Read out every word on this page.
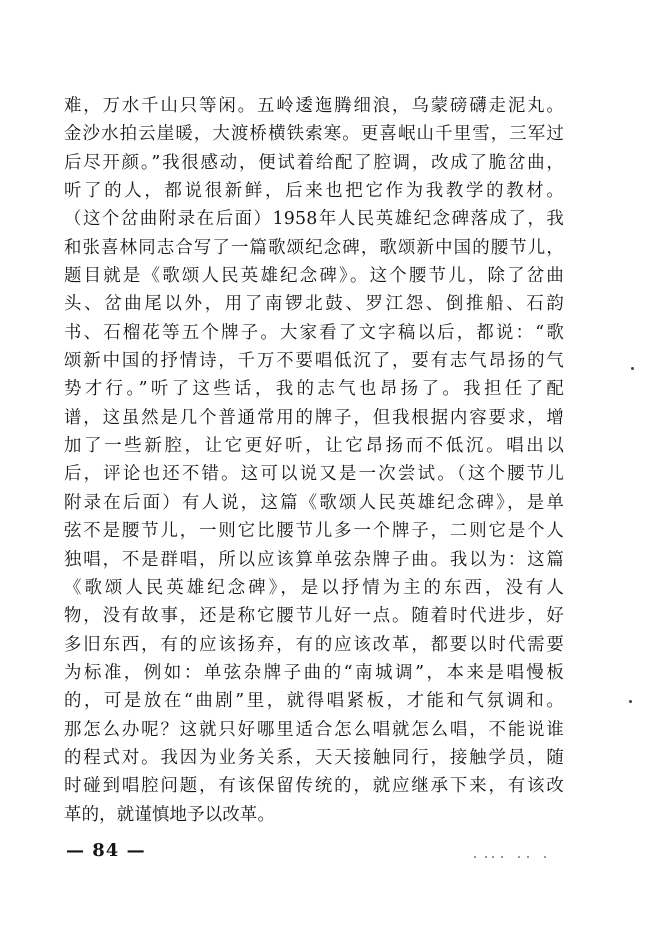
难，万水千山只等闲。五岭逶迤腾细浪，乌蒙磅礴走泥丸。
金沙水拍云崖暖，大渡桥横铁索寒。更喜岷山千里雪，三军过
后尽开颜。”我很感动，便试着给配了腔调，改成了脆岔曲，
听了的人，都说很新鲜，后来也把它作为我教学的教材。
（这个岔曲附录在后面）1958年人民英雄纪念碑落成了，我
和张喜林同志合写了一篇歌颂纪念碑，歌颂新中国的腰节儿，
题目就是《歌颂人民英雄纪念碑》。这个腰节儿，除了岔曲
头、岔曲尾以外，用了南锣北鼓、罗江怨、倒推船、石韵
书、石榴花等五个牌子。大家看了文字稿以后，都说：“歌
颂新中国的抒情诗，千万不要唱低沉了，要有志气昂扬的气
势才行。”听了这些话，我的志气也昂扬了。我担任了配
谱，这虽然是几个普通常用的牌子，但我根据内容要求，增
加了一些新腔，让它更好听，让它昂扬而不低沉。唱出以
后，评论也还不错。这可以说又是一次尝试。（这个腰节儿
附录在后面）有人说，这篇《歌颂人民英雄纪念碑》，是单
弦不是腰节儿，一则它比腰节儿多一个牌子，二则它是个人
独唱，不是群唱，所以应该算单弦杂牌子曲。我以为：这篇
《歌颂人民英雄纪念碑》，是以抒情为主的东西，没有人
物，没有故事，还是称它腰节儿好一点。随着时代进步，好
多旧东西，有的应该扬弃，有的应该改革，都要以时代需要
为标准，例如：单弦杂牌子曲的“南城调”，本来是唱慢板
的，可是放在“曲剧”里，就得唱紧板，才能和气氛调和。
那怎么办呢？这就只好哪里适合怎么唱就怎么唱，不能说谁
的程式对。我因为业务关系，天天接触同行，接触学员，随
时碰到唱腔问题，有该保留传统的，就应继承下来，有该改
革的，就谨慎地予以改革。
— 84 —
